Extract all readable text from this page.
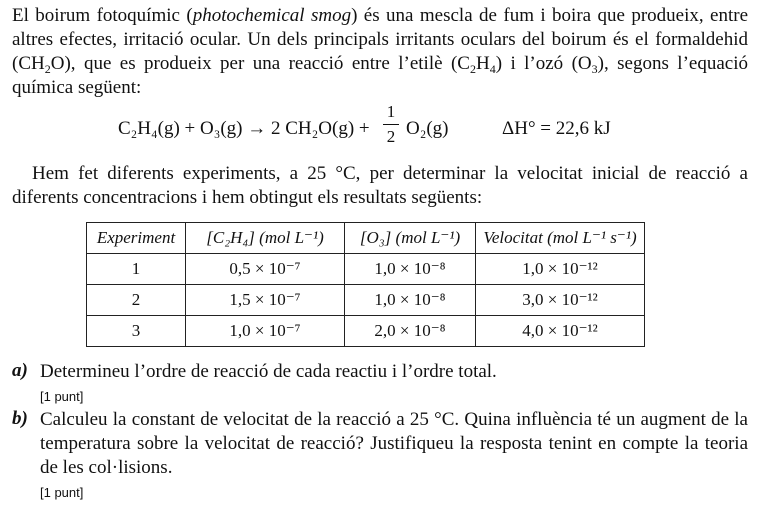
El boirum fotoquímic (photochemical smog) és una mescla de fum i boira que produeix, entre altres efectes, irritació ocular. Un dels principals irritants oculars del boirum és el formaldehid $(CH_2O)$, que es produeix per una reacció entre l’etilè $(C_2H_4)$ i l’ozó $(O_3)$, segons l’equació química següent:

C₂H₄(g) + O₃(g) → 2 CH₂O(g) +
1
2 O₂(g)	ΔH° = 22,6 kJ

Hem fet diferents experiments, a 25 °C, per determinar la velocitat inicial de reacció a diferents concentracions i hem obtingut els resultats següents:

Experiment	[C₂H₄] (mol L⁻¹)	[O₃] (mol L⁻¹)	Velocitat (mol L⁻¹ s⁻¹)
1	0,5 × 10⁻⁷	1,0 × 10⁻⁸	1,0 × 10⁻¹²
2	1,5 × 10⁻⁷	1,0 × 10⁻⁸	3,0 × 10⁻¹²
3	1,0 × 10⁻⁷	2,0 × 10⁻⁸	4,0 × 10⁻¹²
a) Determineu l’ordre de reacció de cada reactiu i l’ordre total.
[1 punt]
b) Calculeu la constant de velocitat de la reacció a 25 °C. Quina influència té un augment de la temperatura sobre la velocitat de reacció? Justifiqueu la resposta tenint en compte la teoria de les col·lisions.
[1 punt]
